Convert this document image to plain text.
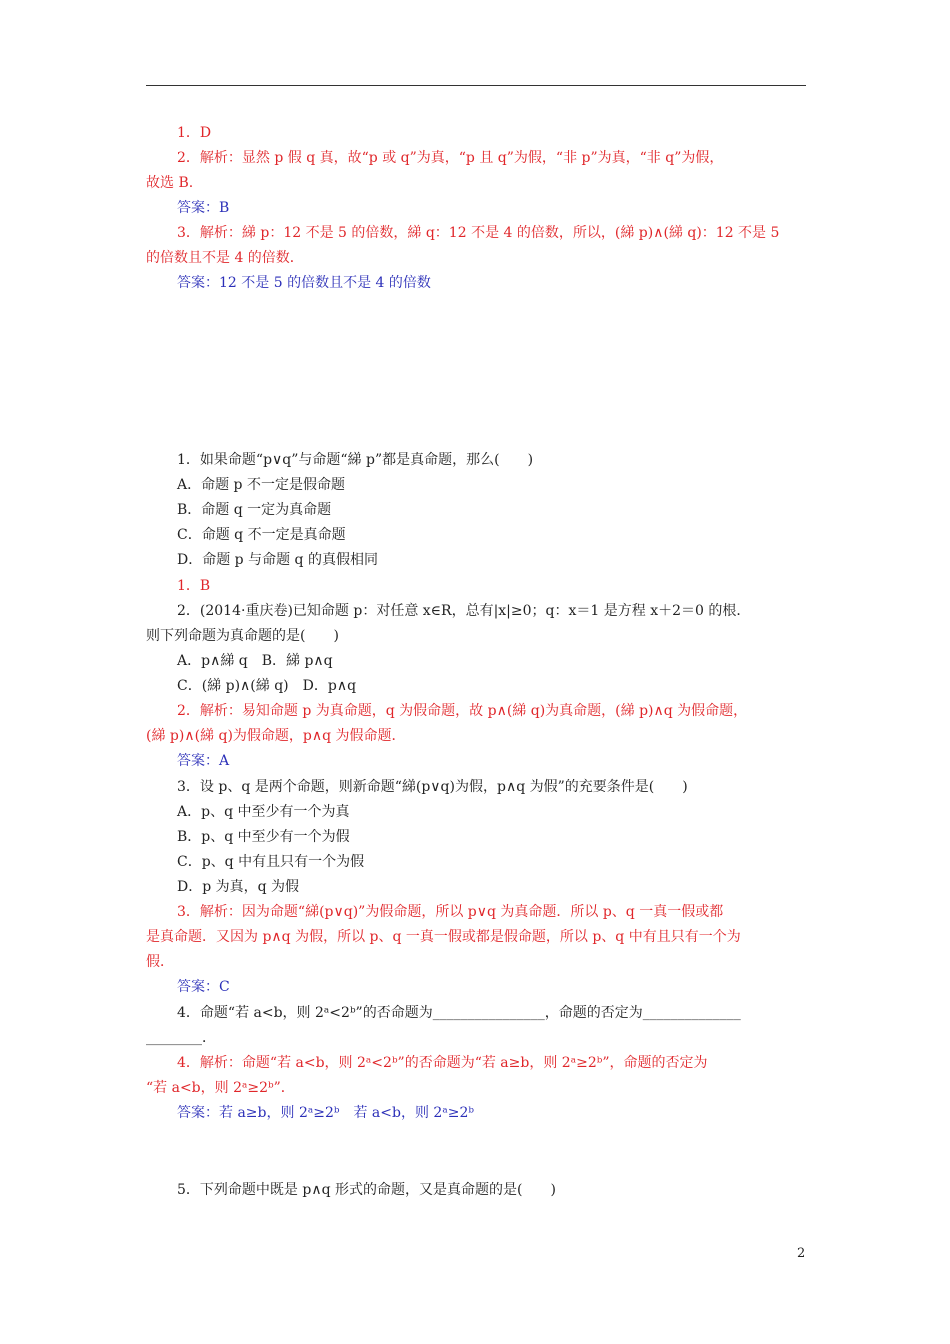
1．D
2．解析：显然 p 假 q 真，故“p 或 q”为真，“p 且 q”为假，“非 p”为真，“非 q”为假，
故选 B.
答案：B
3．解析：綈 p：12 不是 5 的倍数，綈 q：12 不是 4 的倍数，所以，(綈 p)∧(綈 q)：12 不是 5
的倍数且不是 4 的倍数．
答案：12 不是 5 的倍数且不是 4 的倍数
1．如果命题“p∨q”与命题“綈 p”都是真命题，那么(　　)
A．命题 p 不一定是假命题
B．命题 q 一定为真命题
C．命题 q 不一定是真命题
D．命题 p 与命题 q 的真假相同
1．B
2．(2014·重庆卷)已知命题 p：对任意 x∈R，总有|x|≥0；q：x＝1 是方程 x＋2＝0 的根．
则下列命题为真命题的是(　　)
A．p∧綈 q　B．綈 p∧q
C．(綈 p)∧(綈 q)　D．p∧q
2．解析：易知命题 p 为真命题，q 为假命题，故 p∧(綈 q)为真命题，(綈 p)∧q 为假命题，
(綈 p)∧(綈 q)为假命题，p∧q 为假命题．
答案：A
3．设 p、q 是两个命题，则新命题“綈(p∨q)为假，p∧q 为假”的充要条件是(　　)
A．p、q 中至少有一个为真
B．p、q 中至少有一个为假
C．p、q 中有且只有一个为假
D．p 为真，q 为假
3．解析：因为命题“綈(p∨q)”为假命题，所以 p∨q 为真命题．所以 p、q 一真一假或都
是真命题．又因为 p∧q 为假，所以 p、q 一真一假或都是假命题，所以 p、q 中有且只有一个为
假．
答案：C
4．命题“若 a<b，则 2ᵃ<2ᵇ”的否命题为________________，命题的否定为______________
________．
4．解析：命题“若 a<b，则 2ᵃ<2ᵇ”的否命题为“若 a≥b，则 2ᵃ≥2ᵇ”，命题的否定为
“若 a<b，则 2ᵃ≥2ᵇ”．
答案：若 a≥b，则 2ᵃ≥2ᵇ　若 a<b，则 2ᵃ≥2ᵇ
5．下列命题中既是 p∧q 形式的命题，又是真命题的是(　　)
2
